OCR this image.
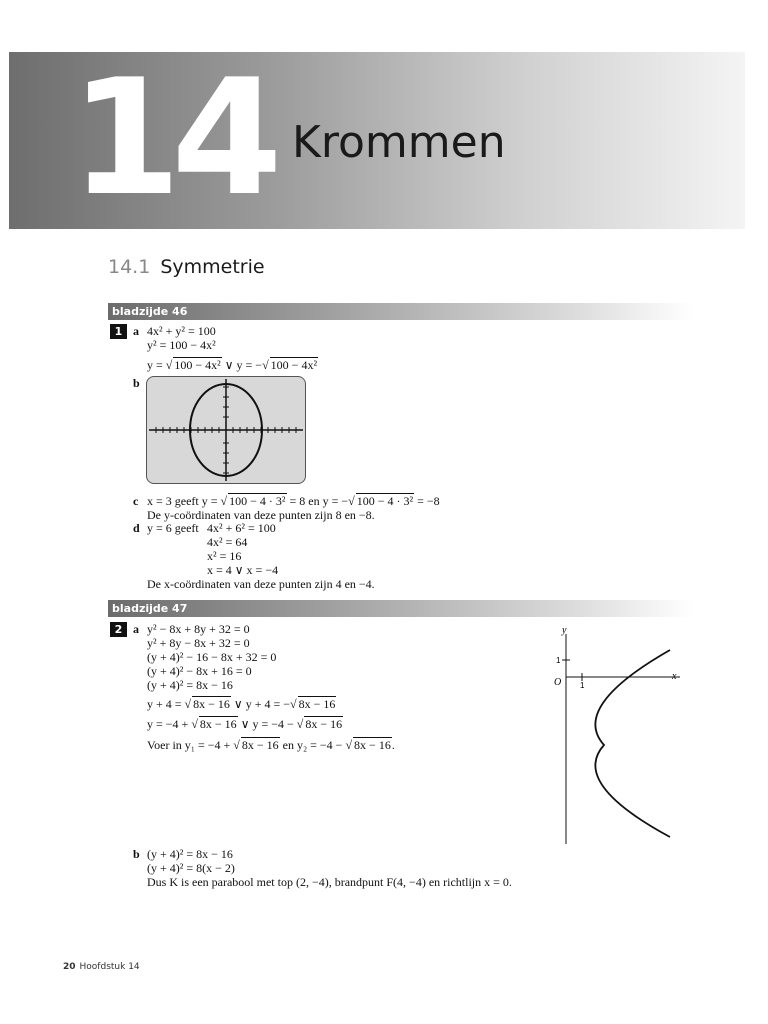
14 Krommen
14.1 Symmetrie
bladzijde 46
1 a 4x² + y² = 100
y² = 100 − 4x²
y = √ 100 − 4x² ∨ y = −√ 100 − 4x²
b
c x = 3 geeft y = √ 100 − 4 · 3² = 8 en y = −√ 100 − 4 · 3² = −8
De y-coördinaten van deze punten zijn 8 en −8.
d y = 6 geeft 4x² + 6² = 100
4x² = 64
x² = 16
x = 4 ∨ x = −4
De x-coördinaten van deze punten zijn 4 en −4.
bladzijde 47
2 a y² − 8x + 8y + 32 = 0
y² + 8y − 8x + 32 = 0
(y + 4)² − 16 − 8x + 32 = 0
(y + 4)² − 8x + 16 = 0
(y + 4)² = 8x − 16
y + 4 = √ 8x − 16 ∨ y + 4 = −√ 8x − 16
y = −4 + √ 8x − 16 ∨ y = −4 − √ 8x − 16
Voer in y₁ = −4 + √ 8x − 16 en y₂ = −4 − √ 8x − 16.
y
x
O
1
1
b (y + 4)² = 8x − 16
(y + 4)² = 8(x − 2)
Dus K is een parabool met top (2, −4), brandpunt F(4, −4) en richtlijn x = 0.
20 Hoofdstuk 14
